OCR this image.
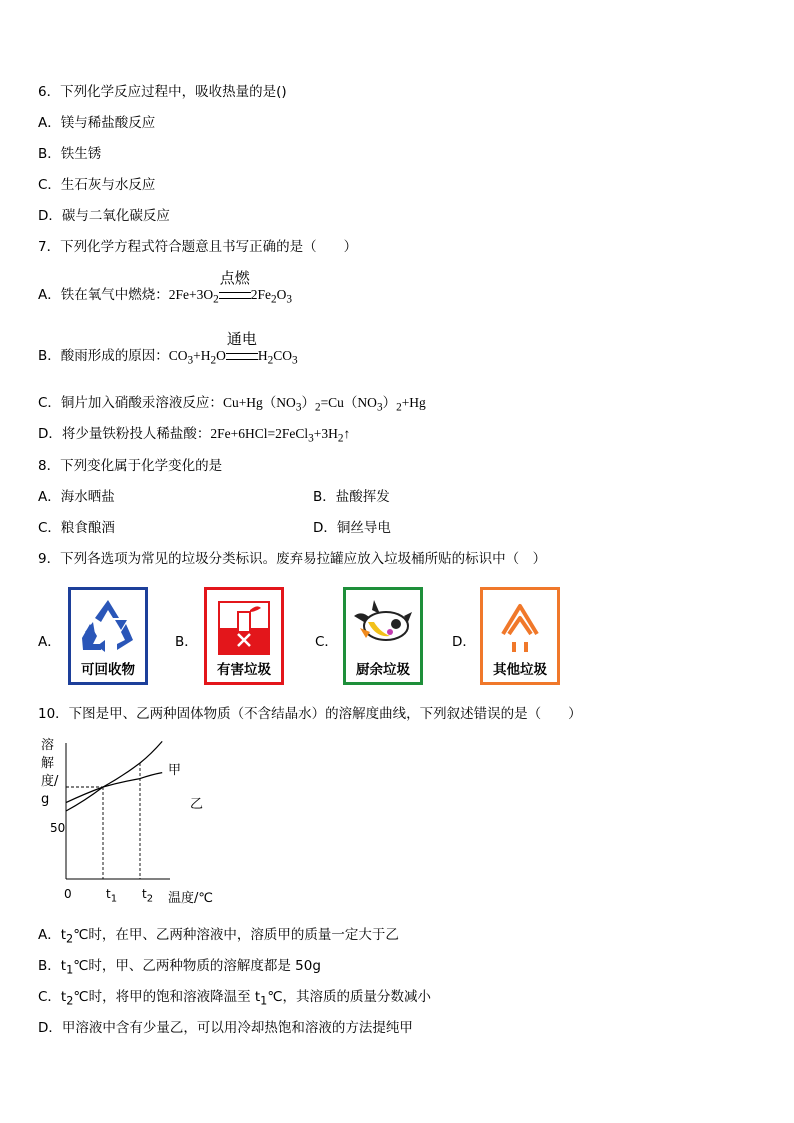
6．下列化学反应过程中，吸收热量的是()
A．镁与稀盐酸反应
B．铁生锈
C．生石灰与水反应
D．碳与二氧化碳反应
7．下列化学方程式符合题意且书写正确的是（　　）
A．铁在氧气中燃烧：$2Fe+3O_2$
点燃
$2Fe_2O_3$
B．酸雨形成的原因：$CO_3+H_2O$
通电
$H_2CO_3$
C．铜片加入硝酸汞溶液反应：$Cu+Hg(NO_3)_2=Cu(NO_3)_2+Hg$
D．将少量铁粉投人稀盐酸：$2Fe+6HCl=2FeCl_3+3H_2↑$
8．下列变化属于化学变化的是
A．海水晒盐	B．盐酸挥发
C．粮食酿酒	D．铜丝导电
9．下列各选项为常见的垃圾分类标识。废弃易拉罐应放入垃圾桶所贴的标识中（　）
A．
可回收物
B．
有害垃圾
C．
厨余垃圾
D．
其他垃圾
10．下图是甲、乙两种固体物质（不含结晶水）的溶解度曲线，下列叙述错误的是（　　）
溶解度/g
50
0	$t_1$ $t_2$ 温度/℃
甲
乙
A．$t_2℃$时，在甲、乙两种溶液中，溶质甲的质量一定大于乙
B．$t_1℃$时，甲、乙两种物质的溶解度都是 50g
C．$t_2℃$时，将甲的饱和溶液降温至 $t_1℃$，其溶质的质量分数减小
D．甲溶液中含有少量乙，可以用冷却热饱和溶液的方法提纯甲
